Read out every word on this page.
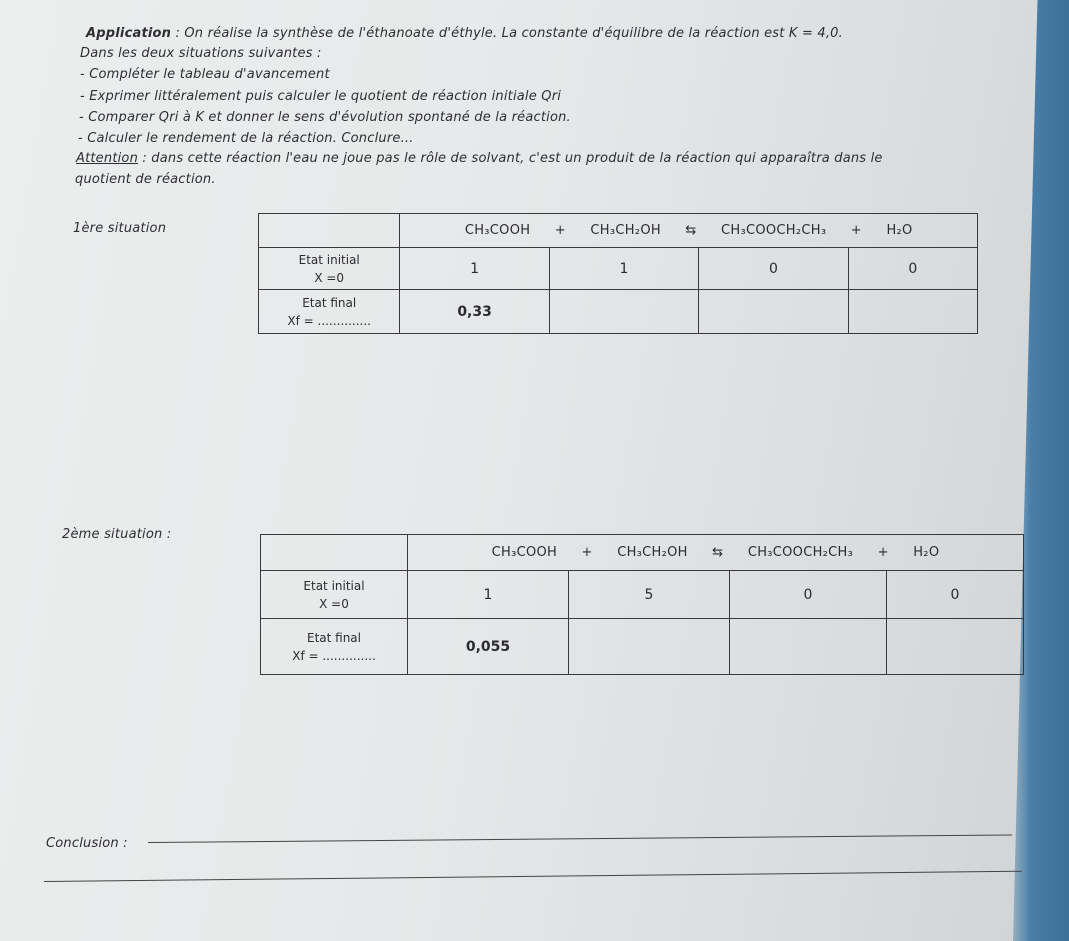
Application : On réalise la synthèse de l'éthanoate d'éthyle. La constante d'équilibre de la réaction est K = 4,0.
Dans les deux situations suivantes :
- Compléter le tableau d'avancement
- Exprimer littéralement puis calculer le quotient de réaction initiale Qri
- Comparer Qri à K et donner le sens d'évolution spontané de la réaction.
- Calculer le rendement de la réaction. Conclure...
Attention : dans cette réaction l'eau ne joue pas le rôle de solvant, c'est un produit de la réaction qui apparaîtra dans le
quotient de réaction.
1ère situation
		CH₃COOH + CH₃CH₂OH ⇆ CH₃COOCH₂CH₃ + H₂O			

Etat initial
X =0	1	1	0	0

Etat final
Xf = ..............	0,33			
2ème situation :
	CH₃COOH + CH₃CH₂OH ⇆ CH₃COOCH₂CH₃ + H₂O			

Etat initial
X =0	1	5	0	0

Etat final
Xf = ..............	0,055			
Conclusion :
